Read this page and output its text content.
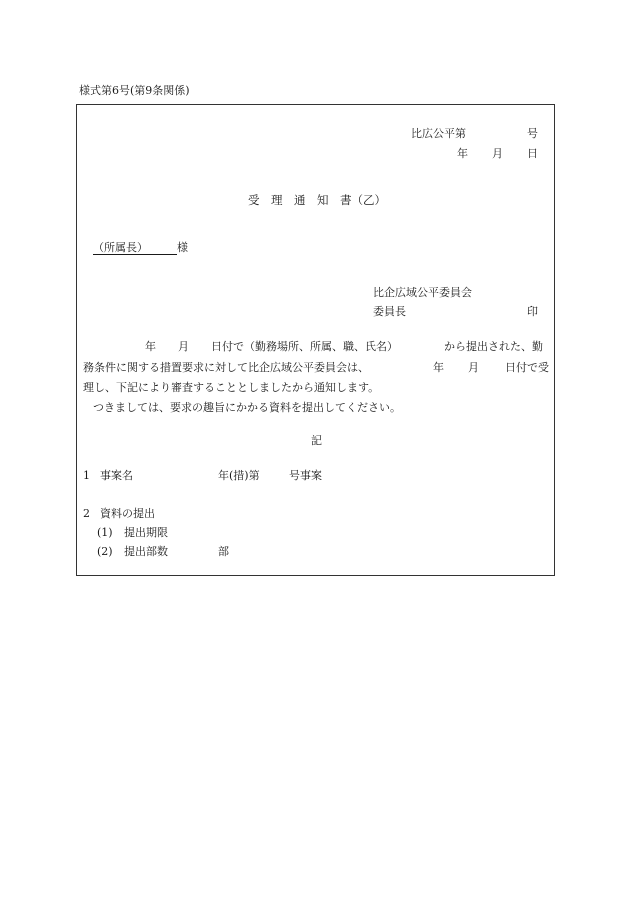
様式第6号(第9条関係)
比広公平第	号
年 月 日
受　理　通　知　書（乙）
（所属長）	様
比企広域公平委員会
委員長	印
年 月 日付で（勤務場所、所属、職、氏名）	から提出された、勤
務条件に関する措置要求に対して比企広域公平委員会は、	年 月 日付で受
理し、下記により審査することとしましたから通知します。
つきましては、要求の趣旨にかかる資料を提出してください。
記
1 事案名	年(措)第	号事案
2 資料の提出
(1) 提出期限
(2) 提出部数	部
